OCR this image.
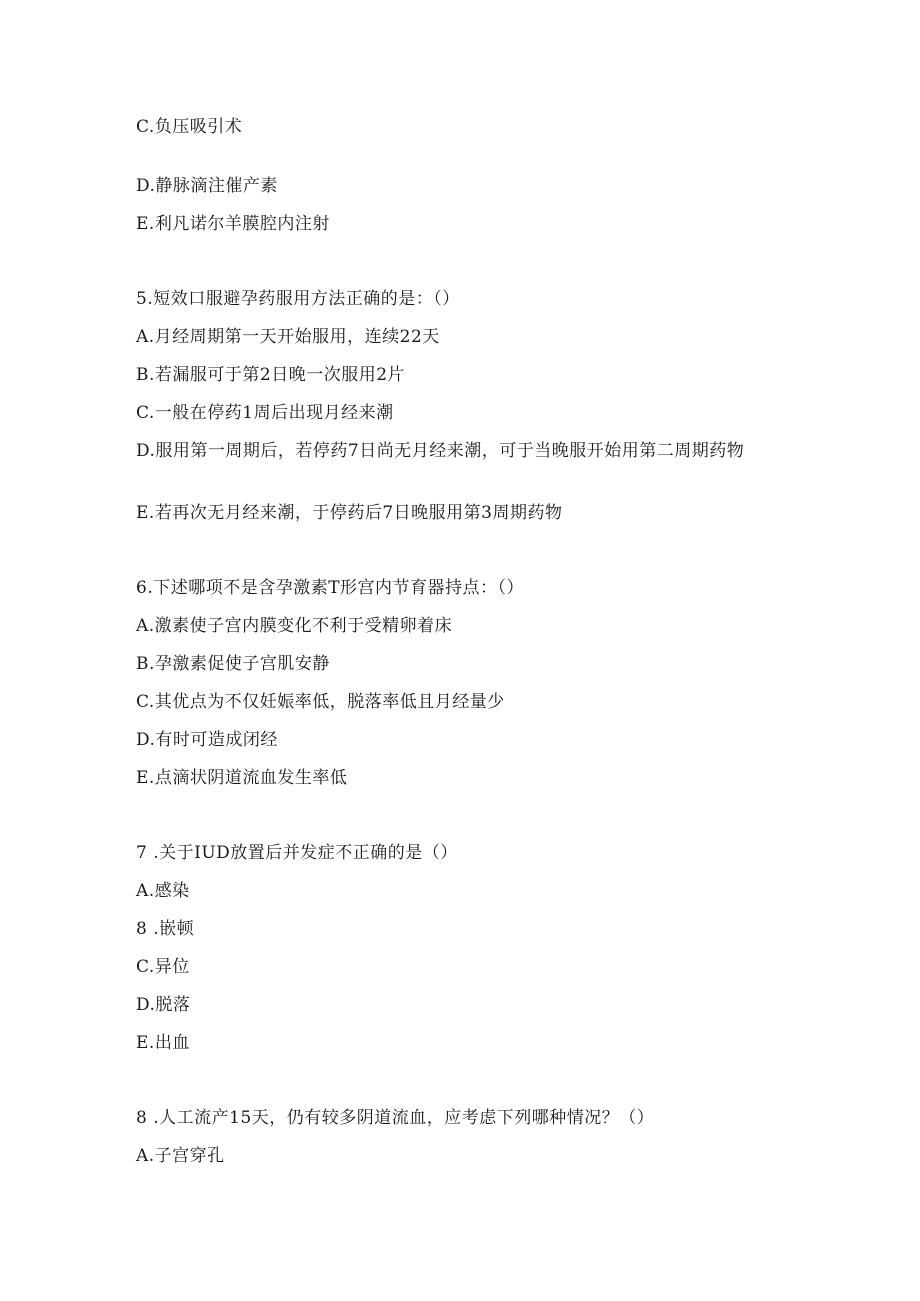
C.负压吸引术
D.静脉滴注催产素
E.利凡诺尔羊膜腔内注射
5.短效口服避孕药服用方法正确的是：（）
A.月经周期第一天开始服用，连续22天
B.若漏服可于第2日晚一次服用2片
C.一般在停药1周后出现月经来潮
D.服用第一周期后，若停药7日尚无月经来潮，可于当晚服开始用第二周期药物
E.若再次无月经来潮，于停药后7日晚服用第3周期药物
6.下述哪项不是含孕激素T形宫内节育器持点：（）
A.激素使子宫内膜变化不利于受精卵着床
B.孕激素促使子宫肌安静
C.其优点为不仅妊娠率低，脱落率低且月经量少
D.有时可造成闭经
E.点滴状阴道流血发生率低
7 .关于IUD放置后并发症不正确的是（）
A.感染
8 .嵌顿
C.异位
D.脱落
E.出血
8 .人工流产15天，仍有较多阴道流血，应考虑下列哪种情况？（）
A.子宫穿孔
